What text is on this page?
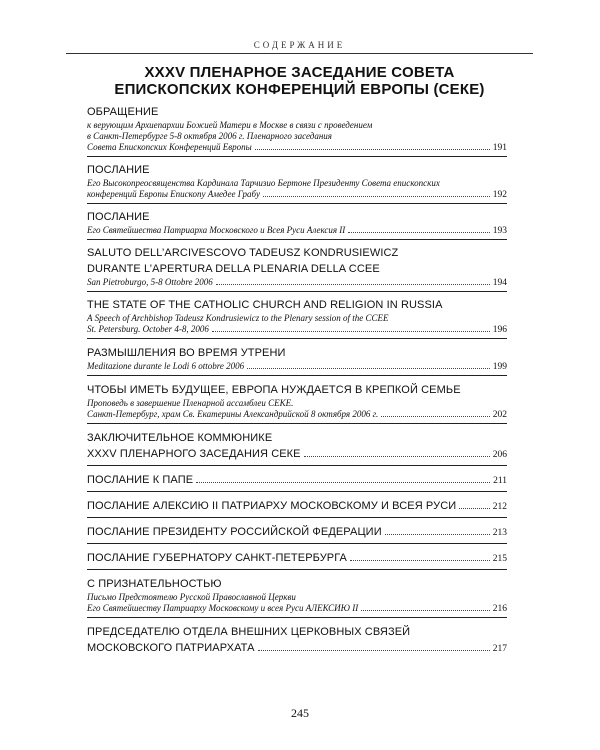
СОДЕРЖАНИЕ
XXXV ПЛЕНАРНОЕ ЗАСЕДАНИЕ СОВЕТА
ЕПИСКОПСКИХ КОНФЕРЕНЦИЙ ЕВРОПЫ (СЕКЕ)
ОБРАЩЕНИЕ
к верующим Архиепархии Божией Матери в Москве в связи с проведением
в Санкт-Петербурге 5-8 октября 2006 г. Пленарного заседания
Совета Епископских Конференций Европы	191
ПОСЛАНИЕ
Его Высокопреосвященства Кардинала Тарчизио Бертоне Президенту Совета епископских
конференций Европы Епископу Амедее Грабу	192
ПОСЛАНИЕ
Его Святейшества Патриарха Московского и Всея Руси Алексия II	193
SALUTO DELL’ARCIVESCOVO TADEUSZ KONDRUSIEWICZ
DURANTE L’APERTURA DELLA PLENARIA DELLA CCEE
San Pietroburgo, 5-8 Ottobre 2006	194
THE STATE OF THE CATHOLIC CHURCH AND RELIGION IN RUSSIA
A Speech of Archbishop Tadeusz Kondrusiewicz to the Plenary session of the CCEE
St. Petersburg. October 4-8, 2006	196
РАЗМЫШЛЕНИЯ ВО ВРЕМЯ УТРЕНИ
Meditazione durante le Lodi 6 ottobre 2006	199
ЧТОБЫ ИМЕТЬ БУДУЩЕЕ, ЕВРОПА НУЖДАЕТСЯ В КРЕПКОЙ СЕМЬЕ
Проповедь в завершение Пленарной ассамблеи СЕКЕ.
Санкт-Петербург, храм Св. Екатерины Александрийской 8 октября 2006 г.	202
ЗАКЛЮЧИТЕЛЬНОЕ КОММЮНИКЕ
XXXV ПЛЕНАРНОГО ЗАСЕДАНИЯ СЕКЕ	206
ПОСЛАНИЕ К ПАПЕ	211
ПОСЛАНИЕ АЛЕКСИЮ II ПАТРИАРХУ МОСКОВСКОМУ И ВСЕЯ РУСИ	212
ПОСЛАНИЕ ПРЕЗИДЕНТУ РОССИЙСКОЙ ФЕДЕРАЦИИ	213
ПОСЛАНИЕ ГУБЕРНАТОРУ САНКТ-ПЕТЕРБУРГА	215
С ПРИЗНАТЕЛЬНОСТЬЮ
Письмо Предстоятелю Русской Православной Церкви
Его Святейшеству Патриарху Московскому и всея Руси АЛЕКСИЮ II	216
ПРЕДСЕДАТЕЛЮ ОТДЕЛА ВНЕШНИХ ЦЕРКОВНЫХ СВЯЗЕЙ
МОСКОВСКОГО ПАТРИАРХАТА	217
245
